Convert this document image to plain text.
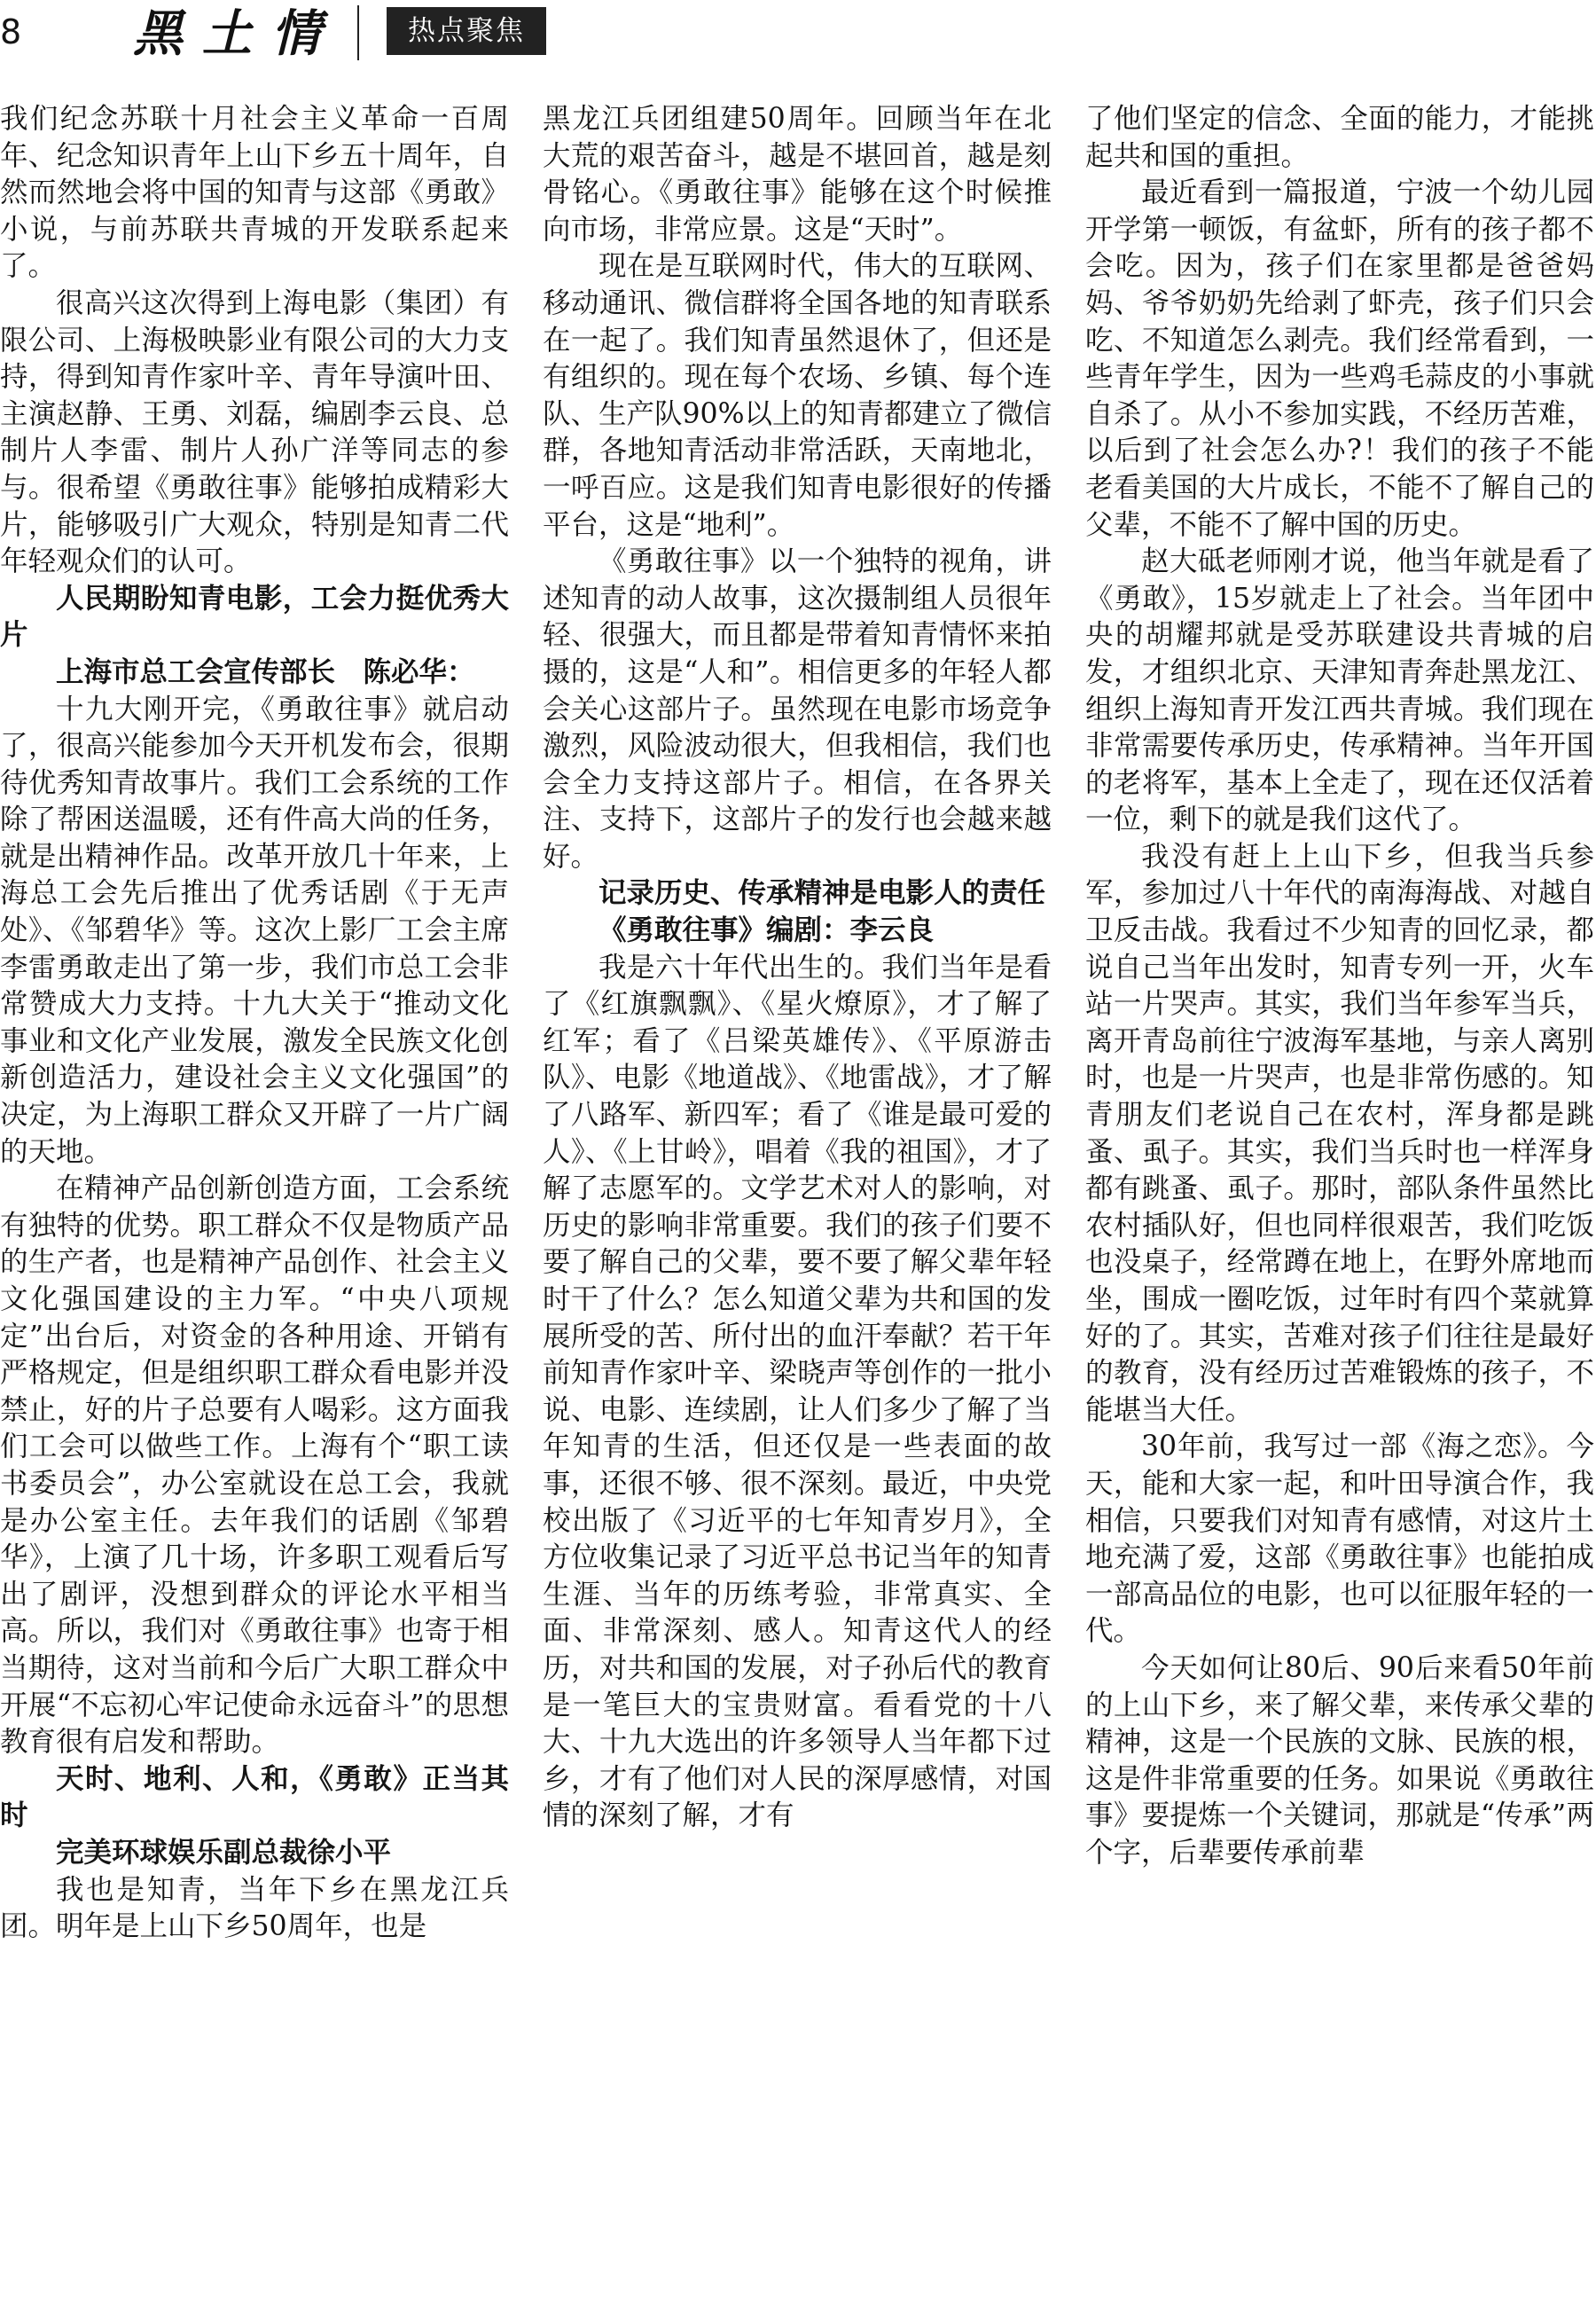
8 黑土情	热点聚焦

我们纪念苏联十月社会主义革命一百周年、纪念知识青年上山下乡五十周年，自然而然地会将中国的知青与这部《勇敢》小说，与前苏联共青城的开发联系起来了。

很高兴这次得到上海电影（集团）有限公司、上海极映影业有限公司的大力支持，得到知青作家叶辛、青年导演叶田、主演赵静、王勇、刘磊，编剧李云良、总制片人李雷、制片人孙广洋等同志的参与。很希望《勇敢往事》能够拍成精彩大片，能够吸引广大观众，特别是知青二代年轻观众们的认可。

人民期盼知青电影，工会力挺优秀大片

上海市总工会宣传部长　陈必华：

十九大刚开完，《勇敢往事》就启动了，很高兴能参加今天开机发布会，很期待优秀知青故事片。我们工会系统的工作除了帮困送温暖，还有件高大尚的任务，就是出精神作品。改革开放几十年来，上海总工会先后推出了优秀话剧《于无声处》、《邹碧华》等。这次上影厂工会主席李雷勇敢走出了第一步，我们市总工会非常赞成大力支持。十九大关于“推动文化事业和文化产业发展，激发全民族文化创新创造活力，建设社会主义文化强国”的决定，为上海职工群众又开辟了一片广阔的天地。

在精神产品创新创造方面，工会系统有独特的优势。职工群众不仅是物质产品的生产者，也是精神产品创作、社会主义文化强国建设的主力军。“中央八项规定”出台后，对资金的各种用途、开销有严格规定，但是组织职工群众看电影并没禁止，好的片子总要有人喝彩。这方面我们工会可以做些工作。上海有个“职工读书委员会”，办公室就设在总工会，我就是办公室主任。去年我们的话剧《邹碧华》，上演了几十场，许多职工观看后写出了剧评，没想到群众的评论水平相当高。所以，我们对《勇敢往事》也寄于相当期待，这对当前和今后广大职工群众中开展“不忘初心牢记使命永远奋斗”的思想教育很有启发和帮助。

天时、地利、人和，《勇敢》正当其时

完美环球娱乐副总裁徐小平

我也是知青，当年下乡在黑龙江兵团。明年是上山下乡50周年，也是

黑龙江兵团组建50周年。回顾当年在北大荒的艰苦奋斗，越是不堪回首，越是刻骨铭心。《勇敢往事》能够在这个时候推向市场，非常应景。这是“天时”。

现在是互联网时代，伟大的互联网、移动通讯、微信群将全国各地的知青联系在一起了。我们知青虽然退休了，但还是有组织的。现在每个农场、乡镇、每个连队、生产队90%以上的知青都建立了微信群，各地知青活动非常活跃，天南地北，一呼百应。这是我们知青电影很好的传播平台，这是“地利”。

《勇敢往事》以一个独特的视角，讲述知青的动人故事，这次摄制组人员很年轻、很强大，而且都是带着知青情怀来拍摄的，这是“人和”。相信更多的年轻人都会关心这部片子。虽然现在电影市场竞争激烈，风险波动很大，但我相信，我们也会全力支持这部片子。相信，在各界关注、支持下，这部片子的发行也会越来越好。

记录历史、传承精神是电影人的责任

《勇敢往事》编剧：李云良

我是六十年代出生的。我们当年是看了《红旗飘飘》、《星火燎原》，才了解了红军；看了《吕梁英雄传》、《平原游击队》、电影《地道战》、《地雷战》，才了解了八路军、新四军；看了《谁是最可爱的人》、《上甘岭》，唱着《我的祖国》，才了解了志愿军的。文学艺术对人的影响，对历史的影响非常重要。我们的孩子们要不要了解自己的父辈，要不要了解父辈年轻时干了什么？怎么知道父辈为共和国的发展所受的苦、所付出的血汗奉献？若干年前知青作家叶辛、梁晓声等创作的一批小说、电影、连续剧，让人们多少了解了当年知青的生活，但还仅是一些表面的故事，还很不够、很不深刻。最近，中央党校出版了《习近平的七年知青岁月》，全方位收集记录了习近平总书记当年的知青生涯、当年的历练考验，非常真实、全面、非常深刻、感人。知青这代人的经历，对共和国的发展，对子孙后代的教育是一笔巨大的宝贵财富。看看党的十八大、十九大选出的许多领导人当年都下过乡，才有了他们对人民的深厚感情，对国情的深刻了解，才有

了他们坚定的信念、全面的能力，才能挑起共和国的重担。

最近看到一篇报道，宁波一个幼儿园开学第一顿饭，有盆虾，所有的孩子都不会吃。因为，孩子们在家里都是爸爸妈妈、爷爷奶奶先给剥了虾壳，孩子们只会吃、不知道怎么剥壳。我们经常看到，一些青年学生，因为一些鸡毛蒜皮的小事就自杀了。从小不参加实践，不经历苦难，以后到了社会怎么办?！我们的孩子不能老看美国的大片成长，不能不了解自己的父辈，不能不了解中国的历史。

赵大砥老师刚才说，他当年就是看了《勇敢》，15岁就走上了社会。当年团中央的胡耀邦就是受苏联建设共青城的启发，才组织北京、天津知青奔赴黑龙江、组织上海知青开发江西共青城。我们现在非常需要传承历史，传承精神。当年开国的老将军，基本上全走了，现在还仅活着一位，剩下的就是我们这代了。

我没有赶上上山下乡，但我当兵参军，参加过八十年代的南海海战、对越自卫反击战。我看过不少知青的回忆录，都说自己当年出发时，知青专列一开，火车站一片哭声。其实，我们当年参军当兵，离开青岛前往宁波海军基地，与亲人离别时，也是一片哭声，也是非常伤感的。知青朋友们老说自己在农村，浑身都是跳蚤、虱子。其实，我们当兵时也一样浑身都有跳蚤、虱子。那时，部队条件虽然比农村插队好，但也同样很艰苦，我们吃饭也没桌子，经常蹲在地上，在野外席地而坐，围成一圈吃饭，过年时有四个菜就算好的了。其实，苦难对孩子们往往是最好的教育，没有经历过苦难锻炼的孩子，不能堪当大任。

30年前，我写过一部《海之恋》。今天，能和大家一起，和叶田导演合作，我相信，只要我们对知青有感情，对这片土地充满了爱，这部《勇敢往事》也能拍成一部高品位的电影，也可以征服年轻的一代。

今天如何让80后、90后来看50年前的上山下乡，来了解父辈，来传承父辈的精神，这是一个民族的文脉、民族的根，这是件非常重要的任务。如果说《勇敢往事》要提炼一个关键词，那就是“传承”两个字，后辈要传承前辈
